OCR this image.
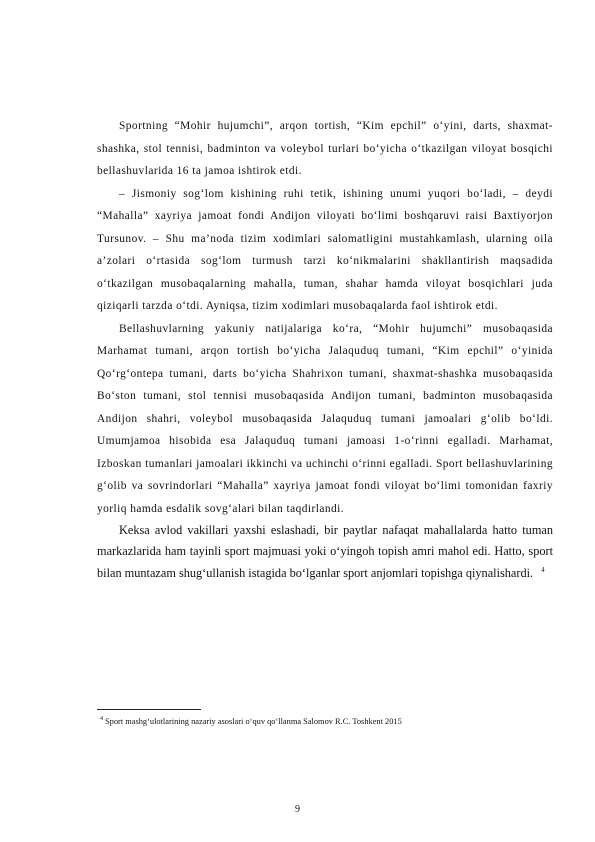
Sportning “Mohir hujumchi”, arqon tortish, “Kim epchil” o‘yini, darts, shaxmat-shashka, stol tennisi, badminton va voleybol turlari bo‘yicha o‘tkazilgan viloyat bosqichi bellashuvlarida 16 ta jamoa ishtirok etdi.

– Jismoniy sog‘lom kishining ruhi tetik, ishining unumi yuqori bo‘ladi, – deydi “Mahalla” xayriya jamoat fondi Andijon viloyati bo‘limi boshqaruvi raisi Baxtiyorjon Tursunov. – Shu ma’noda tizim xodimlari salomatligini mustahkamlash, ularning oila a’zolari o‘rtasida sog‘lom turmush tarzi ko‘nikmalarini shakllantirish maqsadida o‘tkazilgan musobaqalarning mahalla, tuman, shahar hamda viloyat bosqichlari juda qiziqarli tarzda o‘tdi. Ayniqsa, tizim xodimlari musobaqalarda faol ishtirok etdi.

Bellashuvlarning yakuniy natijalariga ko‘ra, “Mohir hujumchi” musobaqasida Marhamat tumani, arqon tortish bo‘yicha Jalaquduq tumani, “Kim epchil” o‘yinida Qo‘rg‘ontepa tumani, darts bo‘yicha Shahrixon tumani, shaxmat-shashka musobaqasida Bo‘ston tumani, stol tennisi musobaqasida Andijon tumani, badminton musobaqasida Andijon shahri, voleybol musobaqasida Jalaquduq tumani jamoalari g‘olib bo‘ldi. Umumjamoa hisobida esa Jalaquduq tumani jamoasi 1-o‘rinni egalladi. Marhamat, Izboskan tumanlari jamoalari ikkinchi va uchinchi o‘rinni egalladi. Sport bellashuvlarining g‘olib va sovrindorlari “Mahalla” xayriya jamoat fondi viloyat bo‘limi tomonidan faxriy yorliq hamda esdalik sovg‘alari bilan taqdirlandi.

Keksa avlod vakillari yaxshi eslashadi, bir paytlar nafaqat mahallalarda hatto tuman markazlarida ham tayinli sport majmuasi yoki o‘yingoh topish amri mahol edi. Hatto, sport bilan muntazam shug‘ullanish istagida bo‘lganlar sport anjomlari topishga qiynalishardi. $^4$

$^4$ Sport mashg‘ulotlarining nazariy asoslari o‘quv qo‘llanma Salomov R.C. Toshkent 2015
9
